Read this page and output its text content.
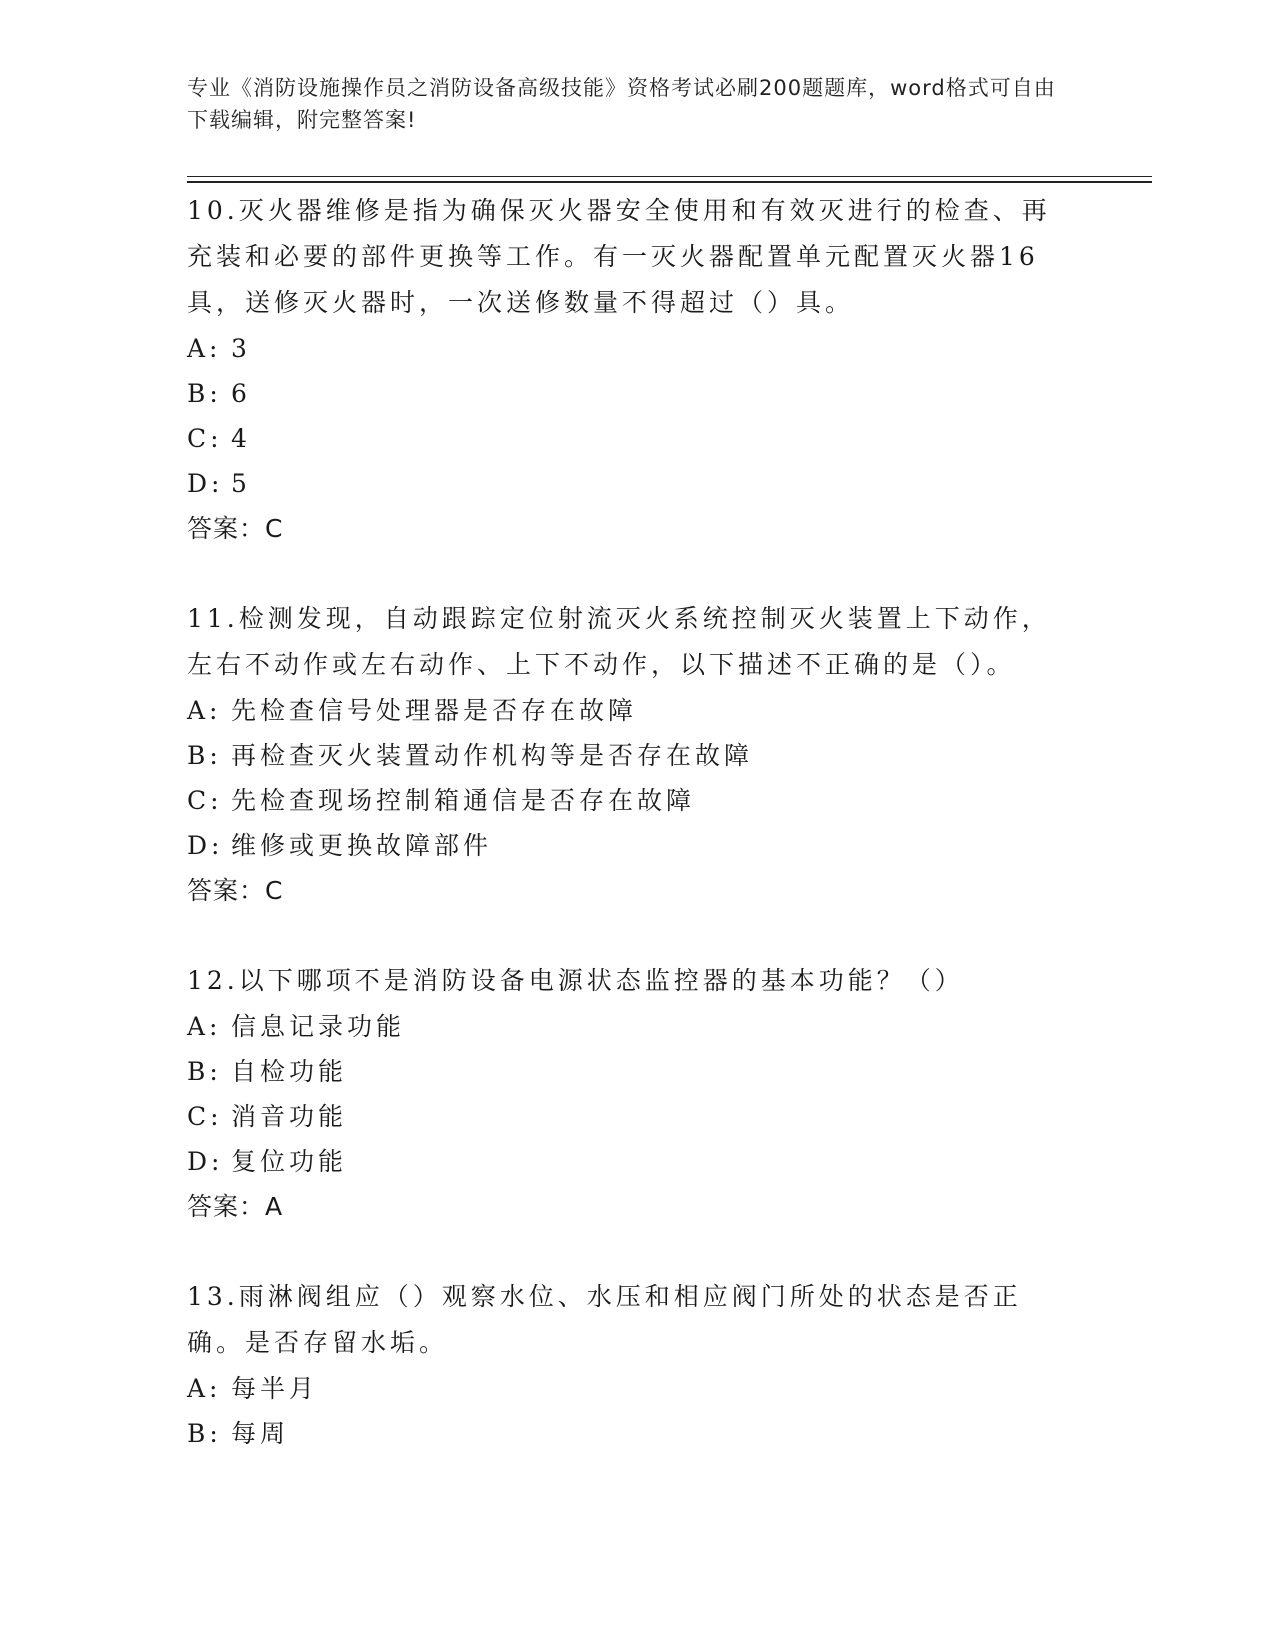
专业《消防设施操作员之消防设备高级技能》资格考试必刷200题题库，word格式可自由下载编辑，附完整答案!
10.灭火器维修是指为确保灭火器安全使用和有效灭进行的检查、再充装和必要的部件更换等工作。有一灭火器配置单元配置灭火器16具，送修灭火器时，一次送修数量不得超过（）具。
A: 3
B: 6
C: 4
D: 5
答案：C
11.检测发现，自动跟踪定位射流灭火系统控制灭火装置上下动作，左右不动作或左右动作、上下不动作，以下描述不正确的是（）。
A: 先检查信号处理器是否存在故障
B: 再检查灭火装置动作机构等是否存在故障
C: 先检查现场控制箱通信是否存在故障
D: 维修或更换故障部件
答案：C
12.以下哪项不是消防设备电源状态监控器的基本功能？（）
A: 信息记录功能
B: 自检功能
C: 消音功能
D: 复位功能
答案：A
13.雨淋阀组应（）观察水位、水压和相应阀门所处的状态是否正确。是否存留水垢。
A: 每半月
B: 每周
